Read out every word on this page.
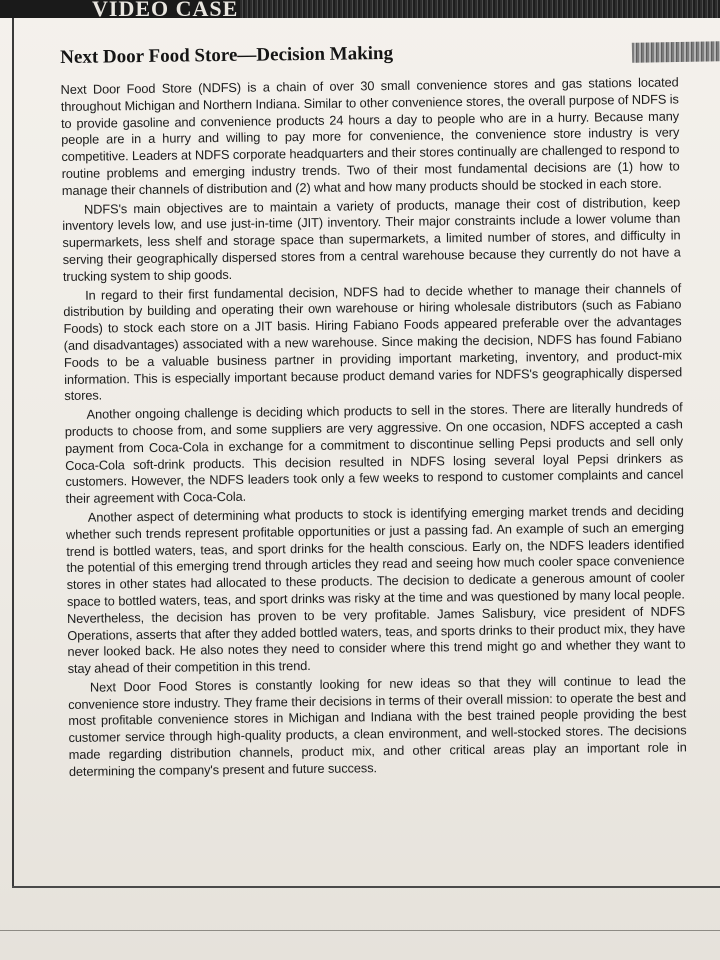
VIDEO CASE
Next Door Food Store—Decision Making

Next Door Food Store (NDFS) is a chain of over 30 small convenience stores and gas stations located throughout Michigan and Northern Indiana. Similar to other convenience stores, the overall purpose of NDFS is to provide gasoline and convenience products 24 hours a day to people who are in a hurry. Because many people are in a hurry and willing to pay more for convenience, the convenience store industry is very competitive. Leaders at NDFS corporate headquarters and their stores continually are challenged to respond to routine problems and emerging industry trends. Two of their most fundamental decisions are (1) how to manage their channels of distribution and (2) what and how many products should be stocked in each store.

NDFS's main objectives are to maintain a variety of products, manage their cost of distribution, keep inventory levels low, and use just-in-time (JIT) inventory. Their major constraints include a lower volume than supermarkets, less shelf and storage space than supermarkets, a limited number of stores, and difficulty in serving their geographically dispersed stores from a central warehouse because they currently do not have a trucking system to ship goods.

In regard to their first fundamental decision, NDFS had to decide whether to manage their channels of distribution by building and operating their own warehouse or hiring wholesale distributors (such as Fabiano Foods) to stock each store on a JIT basis. Hiring Fabiano Foods appeared preferable over the advantages (and disadvantages) associated with a new warehouse. Since making the decision, NDFS has found Fabiano Foods to be a valuable business partner in providing important marketing, inventory, and product-mix information. This is especially important because product demand varies for NDFS's geographically dispersed stores.

Another ongoing challenge is deciding which products to sell in the stores. There are literally hundreds of products to choose from, and some suppliers are very aggressive. On one occasion, NDFS accepted a cash payment from Coca-Cola in exchange for a commitment to discontinue selling Pepsi products and sell only Coca-Cola soft-drink products. This decision resulted in NDFS losing several loyal Pepsi drinkers as customers. However, the NDFS leaders took only a few weeks to respond to customer complaints and cancel their agreement with Coca-Cola.

Another aspect of determining what products to stock is identifying emerging market trends and deciding whether such trends represent profitable opportunities or just a passing fad. An example of such an emerging trend is bottled waters, teas, and sport drinks for the health conscious. Early on, the NDFS leaders identified the potential of this emerging trend through articles they read and seeing how much cooler space convenience stores in other states had allocated to these products. The decision to dedicate a generous amount of cooler space to bottled waters, teas, and sport drinks was risky at the time and was questioned by many local people. Nevertheless, the decision has proven to be very profitable. James Salisbury, vice president of NDFS Operations, asserts that after they added bottled waters, teas, and sports drinks to their product mix, they have never looked back. He also notes they need to consider where this trend might go and whether they want to stay ahead of their competition in this trend.

Next Door Food Stores is constantly looking for new ideas so that they will continue to lead the convenience store industry. They frame their decisions in terms of their overall mission: to operate the best and most profitable convenience stores in Michigan and Indiana with the best trained people providing the best customer service through high-quality products, a clean environment, and well-stocked stores. The decisions made regarding distribution channels, product mix, and other critical areas play an important role in determining the company's present and future success.
